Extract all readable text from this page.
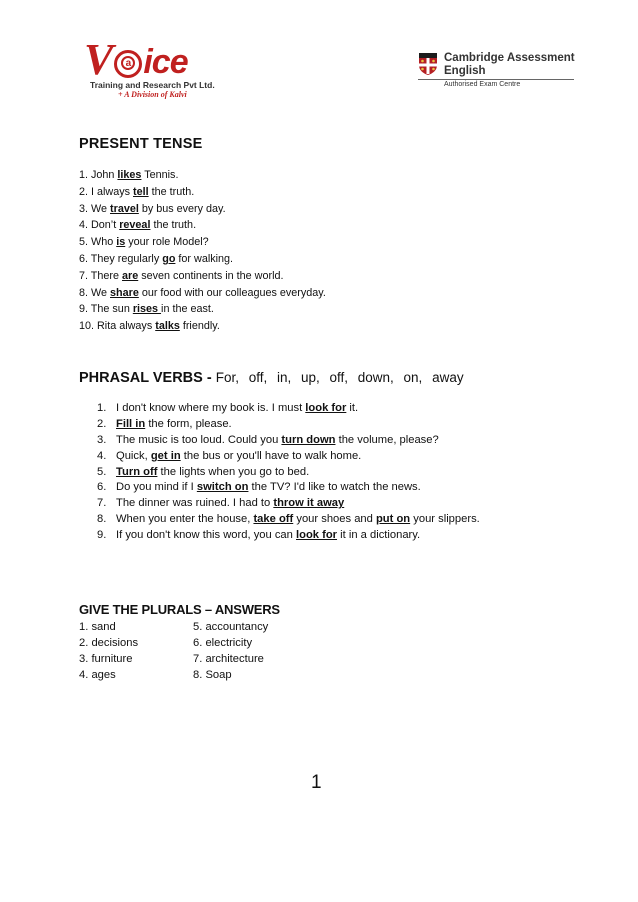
V	a ice
Training and Research Pvt Ltd.
+ A Division of Kalvi
Cambridge Assessment
English
Authorised Exam Centre
PRESENT TENSE
1. John likes Tennis.
2. I always tell the truth.
3. We travel by bus every day.
4. Don’t reveal the truth.
5. Who is your role Model?
6. They regularly go for walking.
7. There are seven continents in the world.
8. We share our food with our colleagues everyday.
9. The sun rises in the east.
10. Rita always talks friendly.
PHRASAL VERBS - For, off, in, up, off, down, on, away
1. I don't know where my book is. I must look for it.
2. Fill in the form, please.
3. The music is too loud. Could you turn down the volume, please?
4. Quick, get in the bus or you'll have to walk home.
5. Turn off the lights when you go to bed.
6. Do you mind if I switch on the TV? I'd like to watch the news.
7. The dinner was ruined. I had to throw it away
8. When you enter the house, take off your shoes and put on your slippers.
9. If you don't know this word, you can look for it in a dictionary.
GIVE THE PLURALS – ANSWERS
1. sand	5. accountancy
2. decisions	6. electricity
3. furniture	7. architecture
4. ages	8. Soap
1
